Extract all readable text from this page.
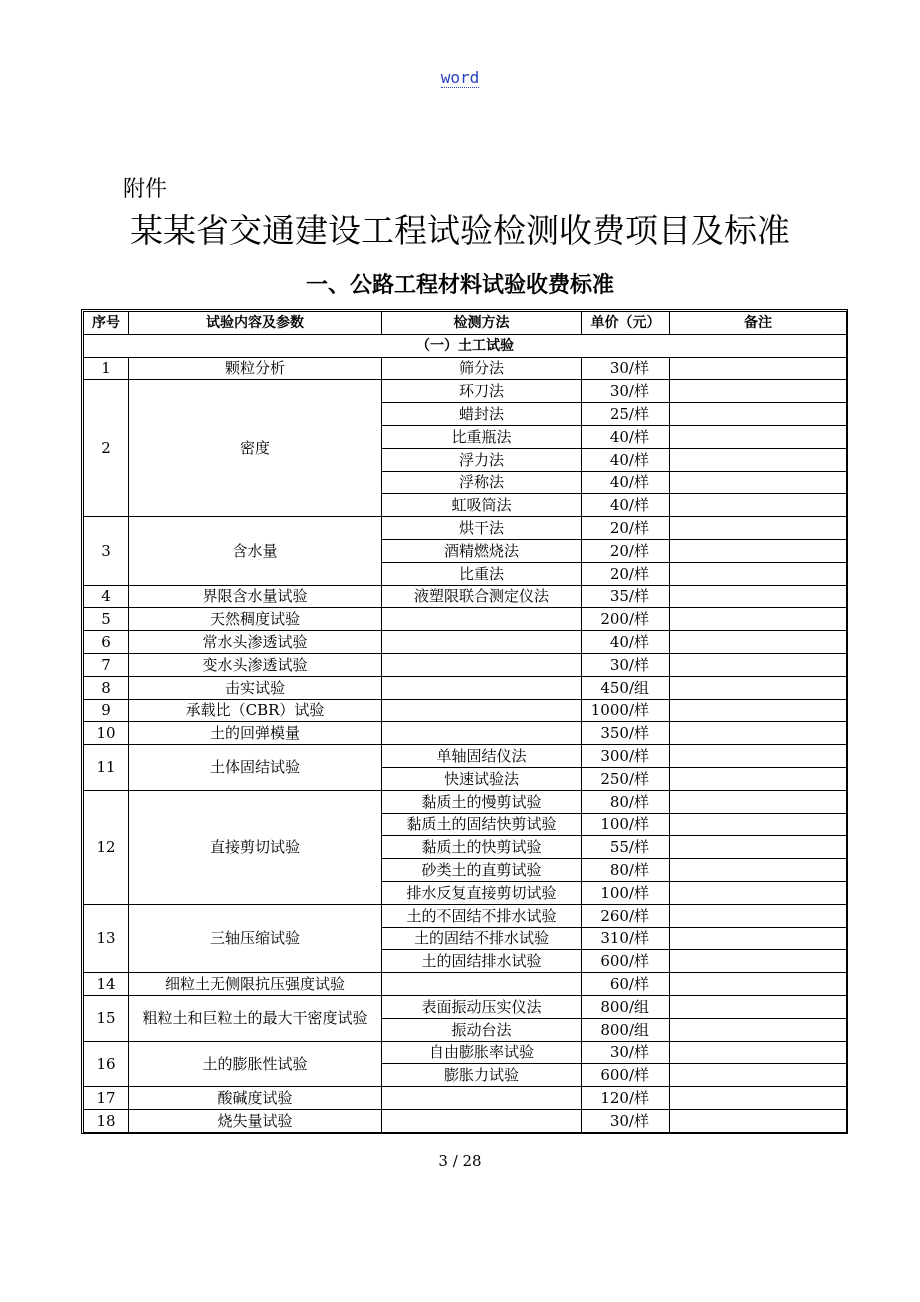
word
附件
某某省交通建设工程试验检测收费项目及标准
一、公路工程材料试验收费标准
序号	试验内容及参数	检测方法	单价（元）	备注
（一）土工试验				
1	颗粒分析	筛分法	30/样	
2	密度	环刀法	30/样	
		蜡封法	25/样	
		比重瓶法	40/样	
		浮力法	40/样	
		浮称法	40/样	
		虹吸筒法	40/样	
3	含水量	烘干法	20/样	
		酒精燃烧法	20/样	
		比重法	20/样	
4	界限含水量试验	液塑限联合测定仪法	35/样	
5	天然稠度试验		200/样	
6	常水头渗透试验		40/样	
7	变水头渗透试验		30/样	
8	击实试验		450/组	
9	承载比（CBR）试验		1000/样	
10	土的回弹模量		350/样	
11	土体固结试验	单轴固结仪法	300/样	
		快速试验法	250/样	
12	直接剪切试验	黏质土的慢剪试验	80/样	
		黏质土的固结快剪试验	100/样	
		黏质土的快剪试验	55/样	
		砂类土的直剪试验	80/样	
		排水反复直接剪切试验	100/样	
13	三轴压缩试验	土的不固结不排水试验	260/样	
		土的固结不排水试验	310/样	
		土的固结排水试验	600/样	
14	细粒土无侧限抗压强度试验		60/样	
15	粗粒土和巨粒土的最大干密度试验	表面振动压实仪法	800/组	
		振动台法	800/组	
16	土的膨胀性试验	自由膨胀率试验	30/样	
		膨胀力试验	600/样	
17	酸碱度试验		120/样	
18	烧失量试验		30/样	
3 / 28
